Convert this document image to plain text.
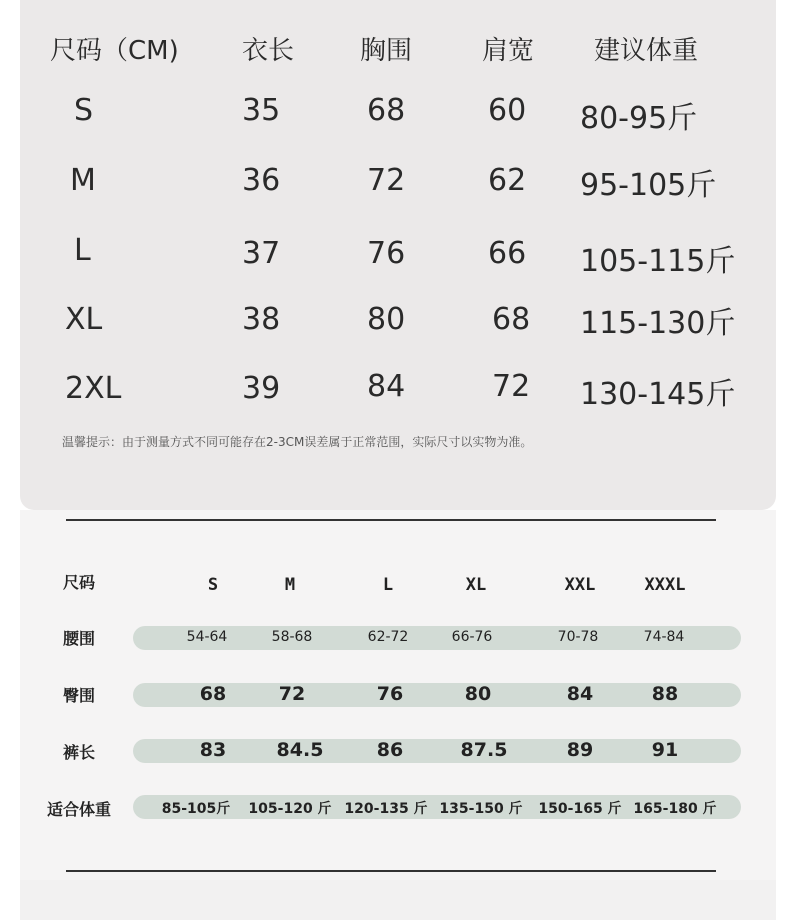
尺码（CM) 衣长	胸围	肩宽 建议体重
S	35	68	60 80-95斤
M	36	72	62 95-105斤
L	37	76	66 105-115斤
XL	38	80	68 115-130斤
2XL	39	84	72 130-145斤
温馨提示：由于测量方式不同可能存在2-3CM误差属于正常范围，实际尺寸以实物为准。
尺码	S	M	L	XL	XXL	XXXL
腰围	54-64	58-68	62-72	66-76	70-78	74-84
臀围	68	72	76	80	84	88
裤长	83	84.5	86	87.5	89	91
适合体重	85-105斤 105-120 斤 120-135 斤 135-150 斤 150-165 斤 165-180 斤
